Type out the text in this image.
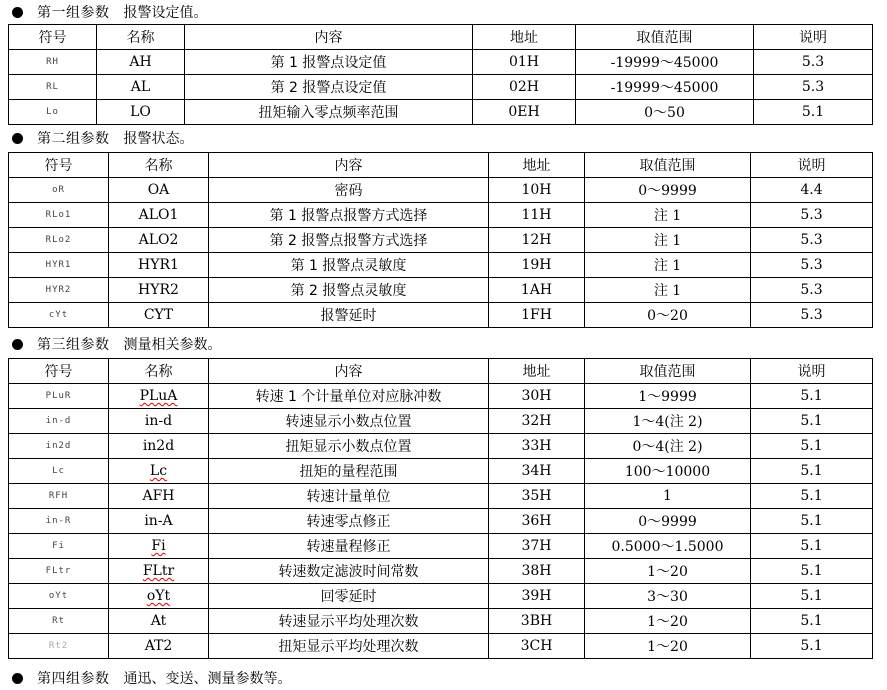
第一组参数 报警设定值。
符号	名称	内容	地址	取值范围	说明
RH	AH	第 1 报警点设定值	01H	-19999～45000	5.3
RL	AL	第 2 报警点设定值	02H	-19999～45000	5.3
Lo	LO	扭矩输入零点频率范围	0EH	0～50	5.1
第二组参数 报警状态。
符号	名称	内容	地址	取值范围	说明
oR	OA	密码	10H	0～9999	4.4
RLo1	ALO1	第 1 报警点报警方式选择	11H	注 1	5.3
RLo2	ALO2	第 2 报警点报警方式选择	12H	注 1	5.3
HYR1	HYR1	第 1 报警点灵敏度	19H	注 1	5.3
HYR2	HYR2	第 2 报警点灵敏度	1AH	注 1	5.3
cYt	CYT	报警延时	1FH	0～20	5.3
第三组参数 测量相关参数。
符号	名称	内容	地址	取值范围	说明
PLuR	PLuA	转速 1 个计量单位对应脉冲数	30H	1～9999	5.1
in-d	in-d	转速显示小数点位置	32H	1～4(注 2)	5.1
in2d	in2d	扭矩显示小数点位置	33H	0～4(注 2)	5.1
Lc	Lc	扭矩的量程范围	34H	100～10000	5.1
RFH	AFH	转速计量单位	35H	1	5.1
in-R	in-A	转速零点修正	36H	0～9999	5.1
Fi	Fi	转速量程修正	37H	0.5000～1.5000	5.1
FLtr	FLtr	转速数定滤波时间常数	38H	1～20	5.1
oYt	oYt	回零延时	39H	3～30	5.1
Rt	At	转速显示平均处理次数	3BH	1～20	5.1
Rt2	AT2	扭矩显示平均处理次数	3CH	1～20	5.1
第四组参数 通迅、变送、测量参数等。
